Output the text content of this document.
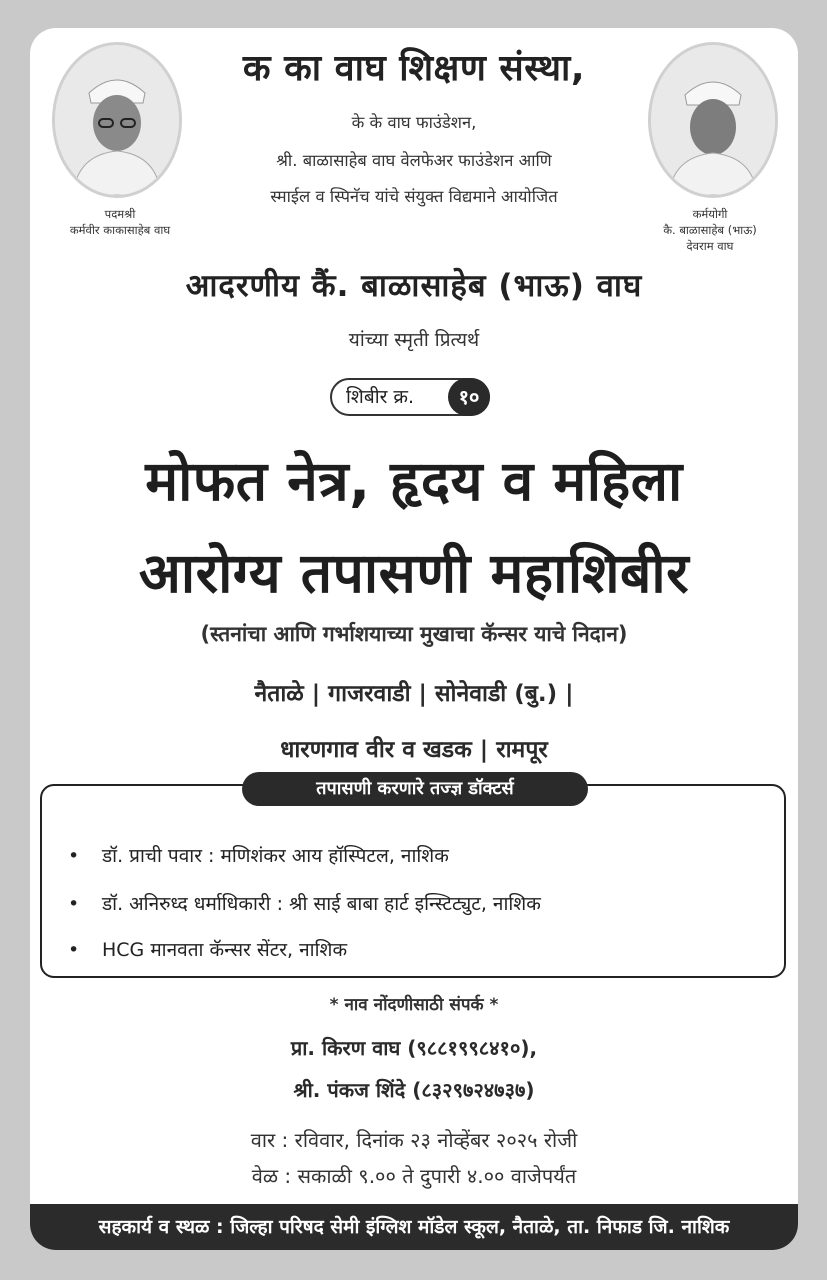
पदमश्री
कर्मवीर काकासाहेब वाघ
कर्मयोगी
कै. बाळासाहेब (भाऊ)
देवराम वाघ
क का वाघ शिक्षण संस्था,
के के वाघ फाउंडेशन,
श्री. बाळासाहेब वाघ वेलफेअर फाउंडेशन आणि
स्माईल व स्पिनॅच यांचे संयुक्त विद्यमाने आयोजित
आदरणीय कैं. बाळासाहेब (भाऊ) वाघ
यांच्या स्मृती प्रित्यर्थ
शिबीर क्र.	१०
मोफत नेत्र, हृदय व महिला
आरोग्य तपासणी महाशिबीर
(स्तनांचा आणि गर्भाशयाच्या मुखाचा कॅन्सर याचे निदान)
नैताळे | गाजरवाडी | सोनेवाडी (बु.) |
धारणगाव वीर व खडक | रामपूर
तपासणी करणारे तज्ज्ञ डॉक्टर्स
• डॉ. प्राची पवार : मणिशंकर आय हॉस्पिटल, नाशिक
• डॉ. अनिरुध्द धर्माधिकारी : श्री साई बाबा हार्ट इन्स्टिट्युट, नाशिक
• HCG मानवता कॅन्सर सेंटर, नाशिक
* नाव नोंदणीसाठी संपर्क *
प्रा. किरण वाघ (९८८१९९८४१०),
श्री. पंकज शिंदे (८३२९७२४७३७)
वार : रविवार, दिनांक २३ नोव्हेंबर २०२५ रोजी
वेळ : सकाळी ९.०० ते दुपारी ४.०० वाजेपर्यंत
सहकार्य व स्थळ : जिल्हा परिषद सेमी इंग्लिश मॉडेल स्कूल, नैताळे, ता. निफाड जि. नाशिक
